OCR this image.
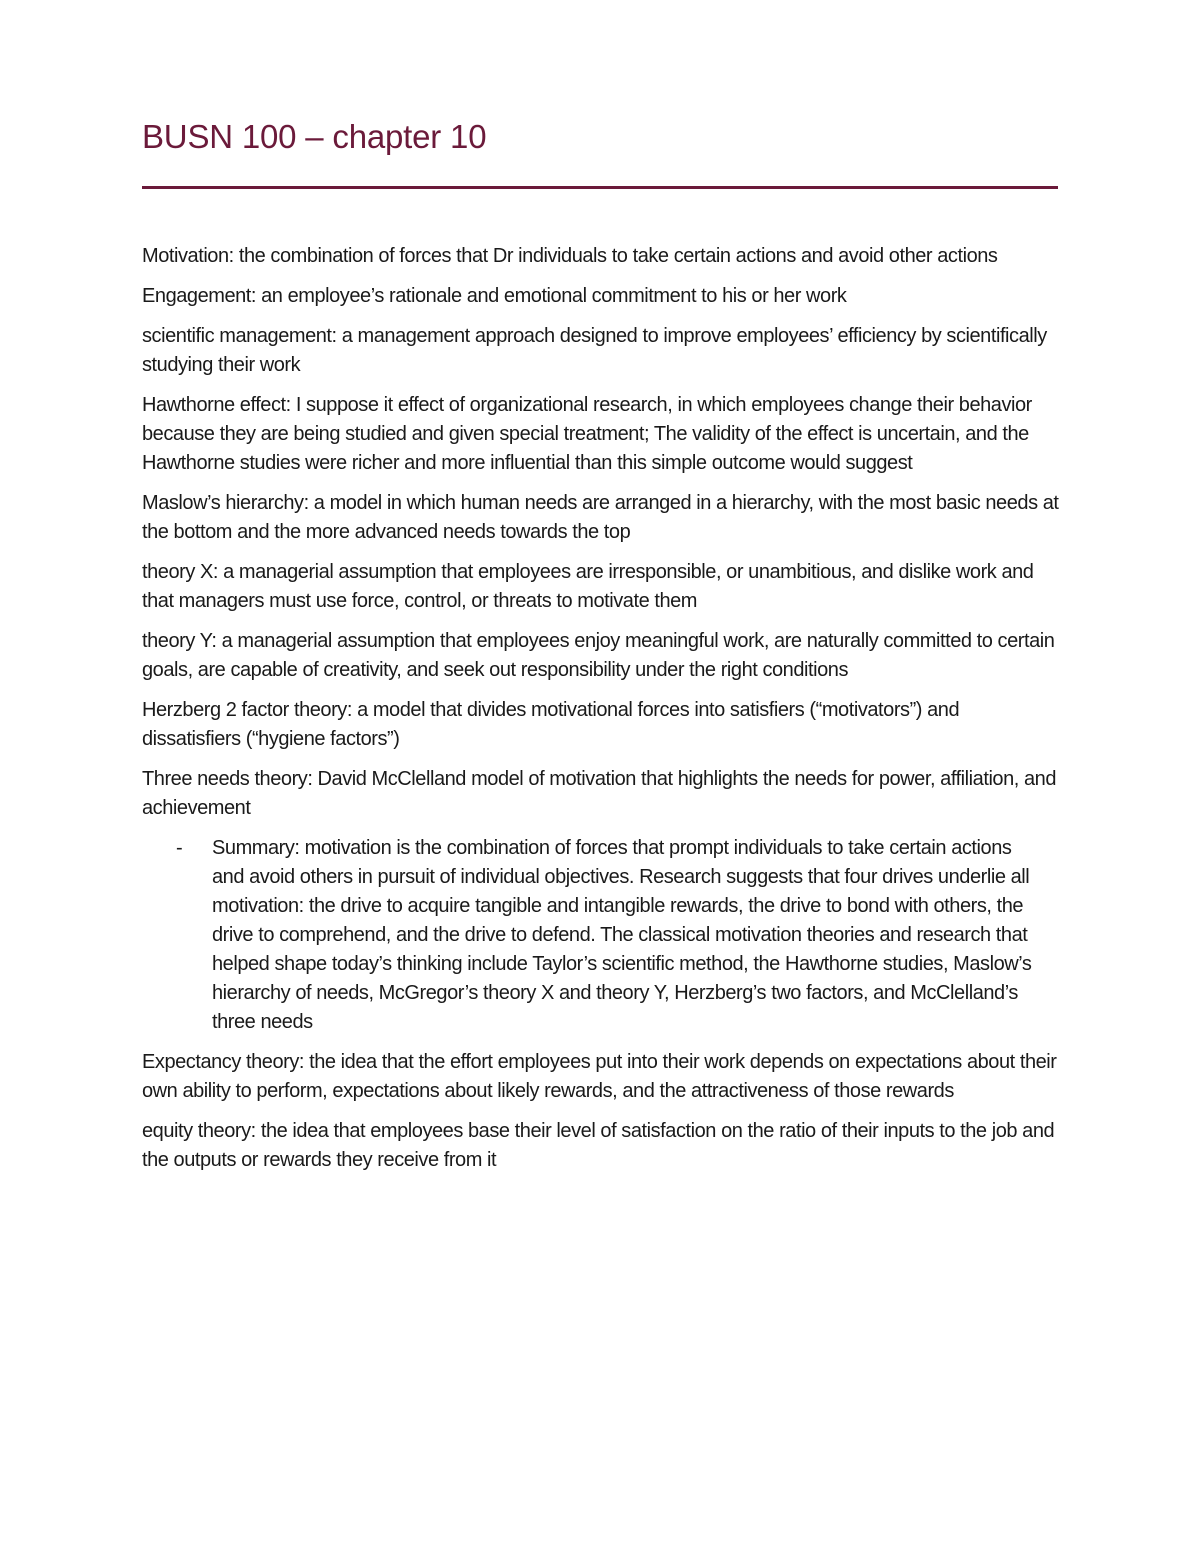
BUSN 100 – chapter 10

Motivation: the combination of forces that Dr individuals to take certain actions and avoid other actions

Engagement: an employee’s rationale and emotional commitment to his or her work

scientific management: a management approach designed to improve employees’ efficiency by scientifically studying their work

Hawthorne effect: I suppose it effect of organizational research, in which employees change their behavior because they are being studied and given special treatment; The validity of the effect is uncertain, and the Hawthorne studies were richer and more influential than this simple outcome would suggest

Maslow’s hierarchy: a model in which human needs are arranged in a hierarchy, with the most basic needs at the bottom and the more advanced needs towards the top

theory X: a managerial assumption that employees are irresponsible, or unambitious, and dislike work and that managers must use force, control, or threats to motivate them

theory Y: a managerial assumption that employees enjoy meaningful work, are naturally committed to certain goals, are capable of creativity, and seek out responsibility under the right conditions

Herzberg 2 factor theory: a model that divides motivational forces into satisfiers (“motivators”) and dissatisfiers (“hygiene factors”)

Three needs theory: David McClelland model of motivation that highlights the needs for power, affiliation, and achievement

- Summary: motivation is the combination of forces that prompt individuals to take certain actions and avoid others in pursuit of individual objectives. Research suggests that four drives underlie all motivation: the drive to acquire tangible and intangible rewards, the drive to bond with others, the drive to comprehend, and the drive to defend. The classical motivation theories and research that helped shape today’s thinking include Taylor’s scientific method, the Hawthorne studies, Maslow’s hierarchy of needs, McGregor’s theory X and theory Y, Herzberg’s two factors, and McClelland’s three needs

Expectancy theory: the idea that the effort employees put into their work depends on expectations about their own ability to perform, expectations about likely rewards, and the attractiveness of those rewards

equity theory: the idea that employees base their level of satisfaction on the ratio of their inputs to the job and the outputs or rewards they receive from it
